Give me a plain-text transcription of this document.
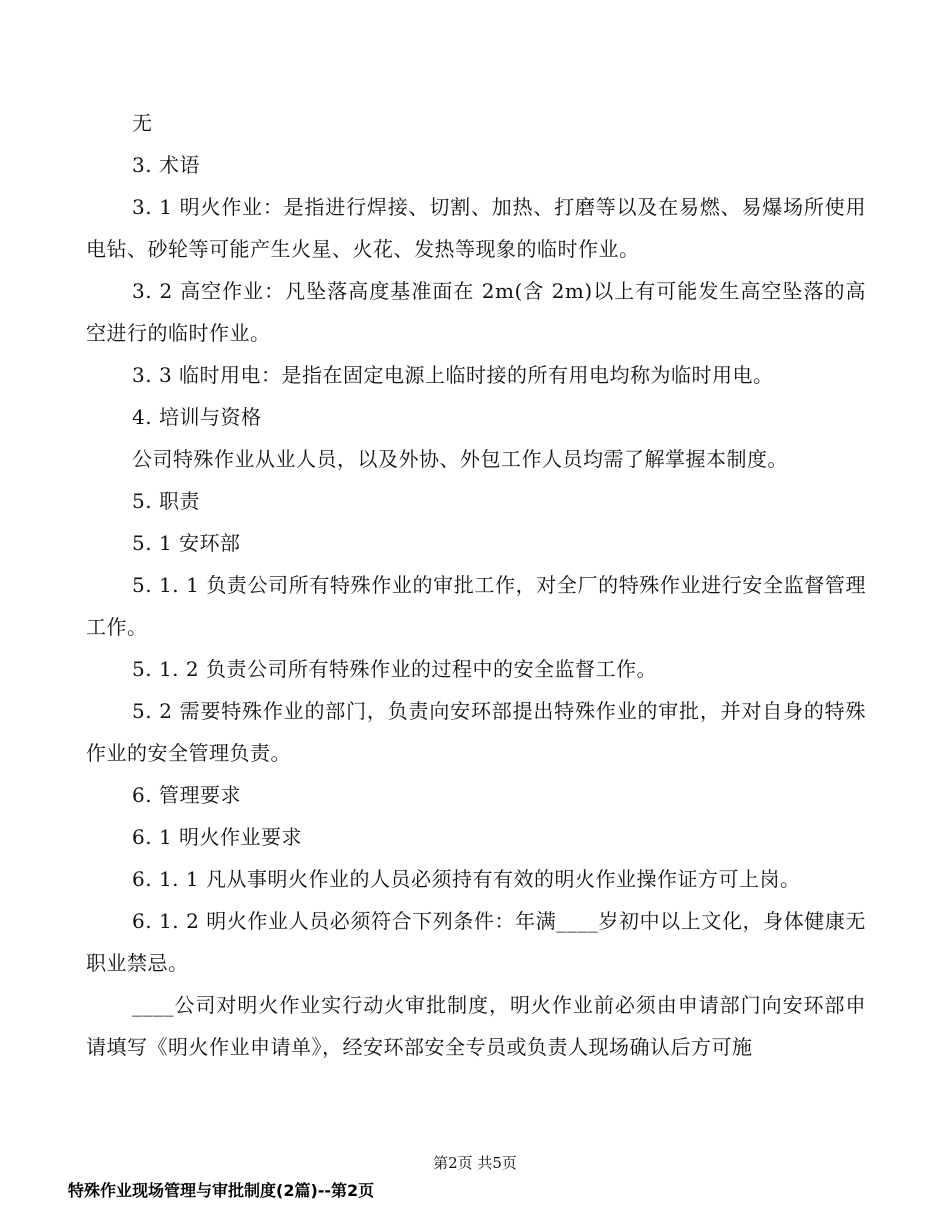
无

3. 术语

3. 1 明火作业：是指进行焊接、切割、加热、打磨等以及在易燃、易爆场所使用电钻、砂轮等可能产生火星、火花、发热等现象的临时作业。

3. 2 高空作业：凡坠落高度基准面在 2m(含 2m)以上有可能发生高空坠落的高空进行的临时作业。

3. 3 临时用电：是指在固定电源上临时接的所有用电均称为临时用电。

4. 培训与资格

公司特殊作业从业人员，以及外协、外包工作人员均需了解掌握本制度。

5. 职责

5. 1 安环部

5. 1. 1 负责公司所有特殊作业的审批工作，对全厂的特殊作业进行安全监督管理工作。

5. 1. 2 负责公司所有特殊作业的过程中的安全监督工作。

5. 2 需要特殊作业的部门，负责向安环部提出特殊作业的审批，并对自身的特殊作业的安全管理负责。

6. 管理要求

6. 1 明火作业要求

6. 1. 1 凡从事明火作业的人员必须持有有效的明火作业操作证方可上岗。

6. 1. 2 明火作业人员必须符合下列条件：年满____岁初中以上文化，身体健康无职业禁忌。

____公司对明火作业实行动火审批制度，明火作业前必须由申请部门向安环部申请填写《明火作业申请单》，经安环部安全专员或负责人现场确认后方可施

第2页 共5页
特殊作业现场管理与审批制度(2篇)--第2页
